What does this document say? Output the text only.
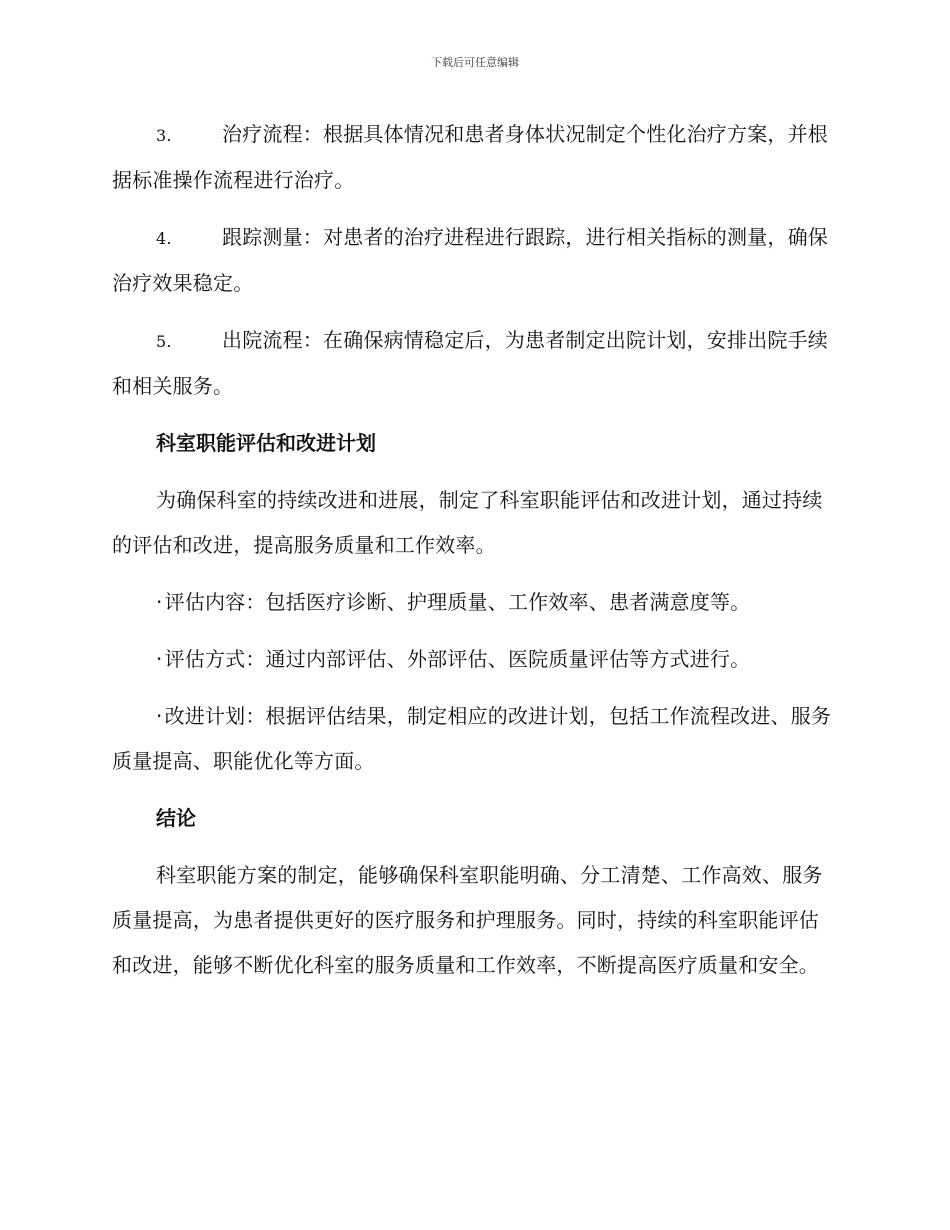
下载后可任意编辑

3.	治疗流程：根据具体情况和患者身体状况制定个性化治疗方案，并根据标准操作流程进行治疗。

4.	跟踪测量：对患者的治疗进程进行跟踪，进行相关指标的测量，确保治疗效果稳定。

5.	出院流程：在确保病情稳定后，为患者制定出院计划，安排出院手续和相关服务。

科室职能评估和改进计划

为确保科室的持续改进和进展，制定了科室职能评估和改进计划，通过持续的评估和改进，提高服务质量和工作效率。

· 评估内容：包括医疗诊断、护理质量、工作效率、患者满意度等。

· 评估方式：通过内部评估、外部评估、医院质量评估等方式进行。

· 改进计划：根据评估结果，制定相应的改进计划，包括工作流程改进、服务质量提高、职能优化等方面。

结论

科室职能方案的制定，能够确保科室职能明确、分工清楚、工作高效、服务质量提高，为患者提供更好的医疗服务和护理服务。同时，持续的科室职能评估和改进，能够不断优化科室的服务质量和工作效率，不断提高医疗质量和安全。
